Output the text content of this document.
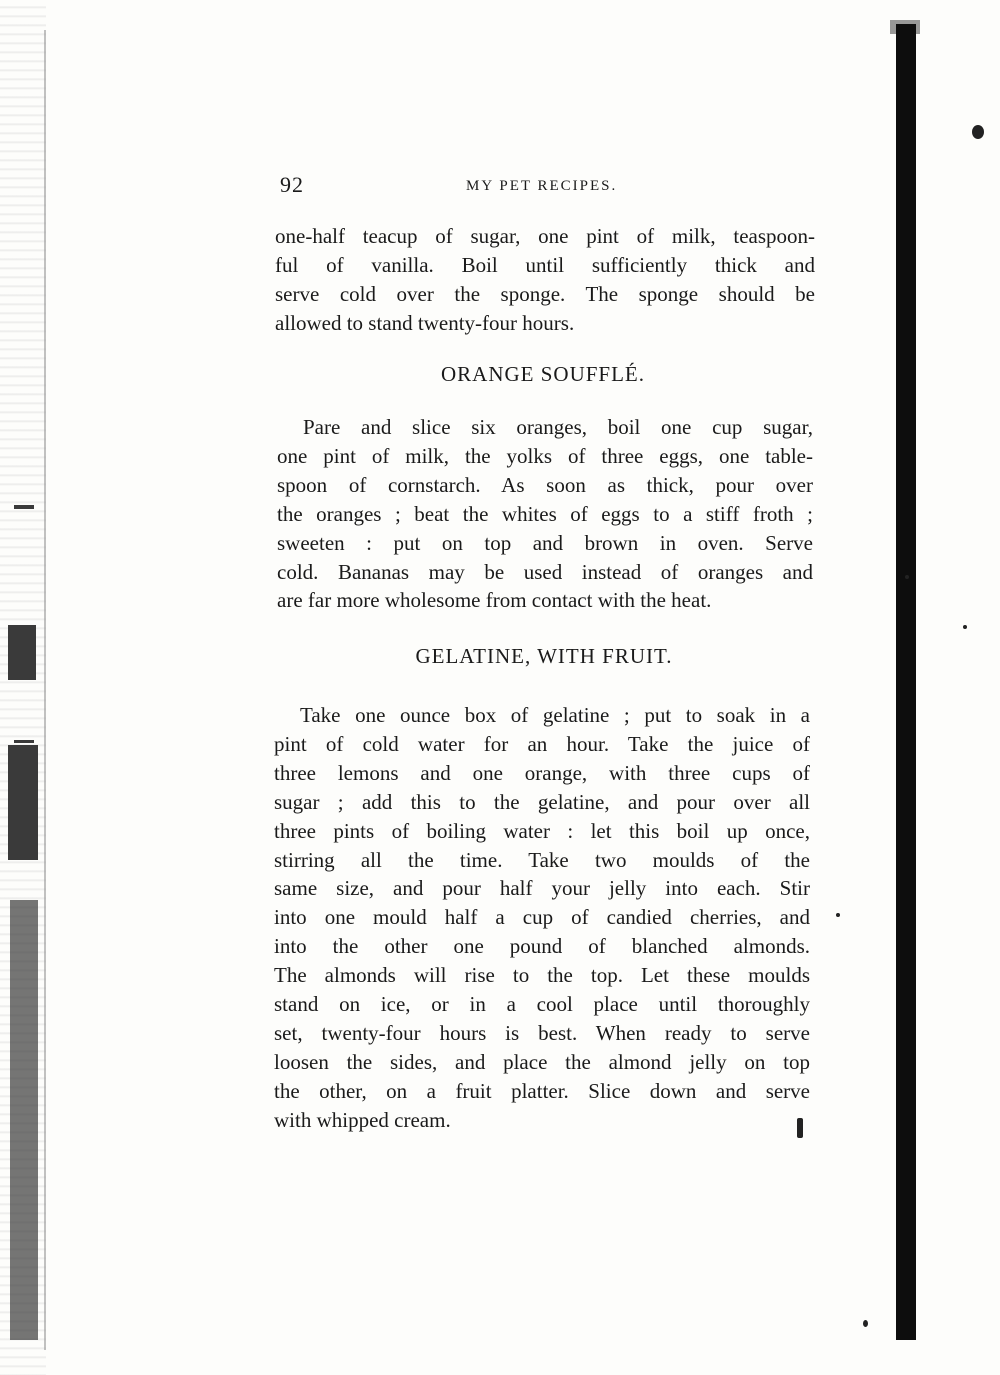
92	MY PET RECIPES.
one-half teacup of sugar, one pint of milk, teaspoon-
ful of vanilla. Boil until sufficiently thick and
serve cold over the sponge. The sponge should be
allowed to stand twenty-four hours.
ORANGE SOUFFLÉ.
Pare and slice six oranges, boil one cup sugar,
one pint of milk, the yolks of three eggs, one table-
spoon of cornstarch. As soon as thick, pour over
the oranges ; beat the whites of eggs to a stiff froth ;
sweeten : put on top and brown in oven. Serve
cold. Bananas may be used instead of oranges and
are far more wholesome from contact with the heat.
GELATINE, WITH FRUIT.
Take one ounce box of gelatine ; put to soak in a
pint of cold water for an hour. Take the juice of
three lemons and one orange, with three cups of
sugar ; add this to the gelatine, and pour over all
three pints of boiling water : let this boil up once,
stirring all the time. Take two moulds of the
same size, and pour half your jelly into each. Stir
into one mould half a cup of candied cherries, and
into the other one pound of blanched almonds.
The almonds will rise to the top. Let these moulds
stand on ice, or in a cool place until thoroughly
set, twenty-four hours is best. When ready to serve
loosen the sides, and place the almond jelly on top
the other, on a fruit platter. Slice down and serve
with whipped cream.
